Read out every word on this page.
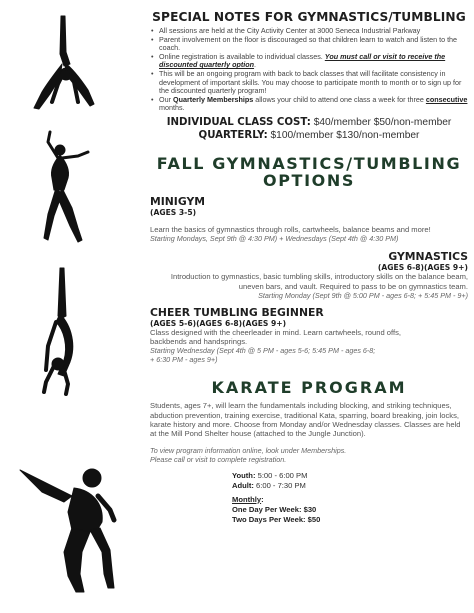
SPECIAL NOTES FOR GYMNASTICS/TUMBLING
• All sessions are held at the City Activity Center at 3000 Seneca Industrial Parkway
• Parent involvement on the floor is discouraged so that children learn to watch and listen to the coach.
• Online registration is available to individual classes. You must call or visit to receive the discounted quarterly option.
• This will be an ongoing program with back to back classes that will facilitate consistency in development of important skills. You may choose to participate month to month or to sign up for the discounted quarterly program!
• Our Quarterly Memberships allows your child to attend one class a week for three consecutive months.
INDIVIDUAL CLASS COST: $40/member $50/non-member
QUARTERLY: $100/member $130/non-member
FALL GYMNASTICS/TUMBLING
OPTIONS
MINIGYM
(AGES 3-5)
Learn the basics of gymnastics through rolls, cartwheels, balance beams and more!
Starting Mondays, Sept 9th @ 4:30 PM) + Wednesdays (Sept 4th @ 4:30 PM)
GYMNASTICS
(AGES 6-8)(AGES 9+)
Introduction to gymnastics, basic tumbling skills, introductory skills on the balance beam, uneven bars, and vault. Required to pass to be on gymnastics team.
Starting Monday (Sept 9th @ 5:00 PM - ages 6-8; + 5:45 PM - 9+)
CHEER TUMBLING BEGINNER
(AGES 5-6)(AGES 6-8)(AGES 9+)
Class designed with the cheerleader in mind. Learn cartwheels, round offs, backbends and handsprings.
Starting Wednesday (Sept 4th @ 5 PM - ages 5-6; 5:45 PM - ages 6-8;
+ 6:30 PM - ages 9+)
KARATE PROGRAM
Students, ages 7+, will learn the fundamentals including blocking, and striking techniques, abduction prevention, training exercise, traditional Kata, sparring, board breaking, join locks, karate history and more. Choose from Monday and/or Wednesday classes. Classes are held at the Mill Pond Shelter house (attached to the Jungle Junction).
To view program information online, look under Memberships.
Please call or visit to complete registration.
Youth: 5:00 - 6:00 PM
Adult: 6:00 - 7:30 PM
Monthly:
One Day Per Week: $30
Two Days Per Week: $50
